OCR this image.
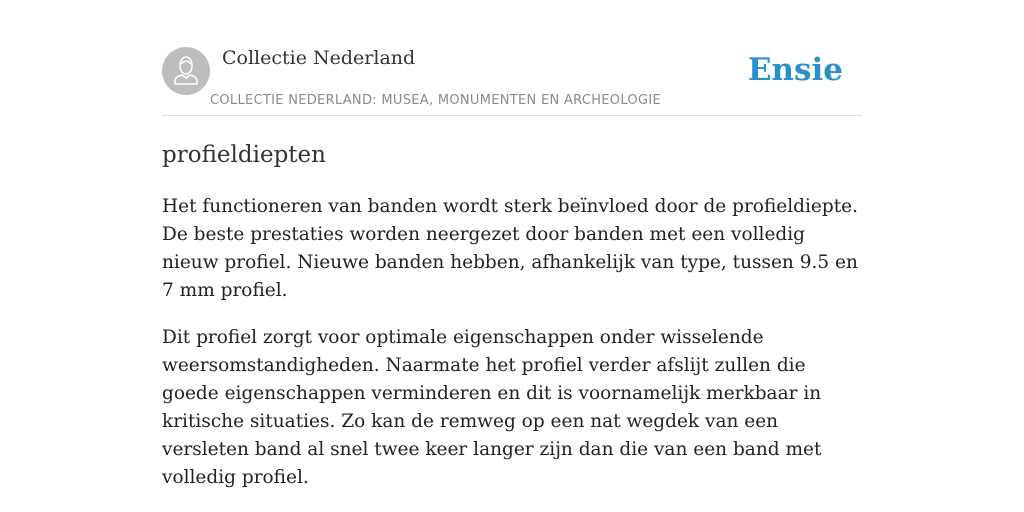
Collectie Nederland
COLLECTIE NEDERLAND: MUSEA, MONUMENTEN EN ARCHEOLOGIE
Ensie
profieldiepten

Het functioneren van banden wordt sterk beïnvloed door de profieldiepte. De beste prestaties worden neergezet door banden met een volledig nieuw profiel. Nieuwe banden hebben, afhankelijk van type, tussen 9.5 en 7 mm profiel.

Dit profiel zorgt voor optimale eigenschappen onder wisselende weersomstandigheden. Naarmate het profiel verder afslijt zullen die goede eigenschappen verminderen en dit is voornamelijk merkbaar in kritische situaties. Zo kan de remweg op een nat wegdek van een versleten band al snel twee keer langer zijn dan die van een band met volledig profiel.
